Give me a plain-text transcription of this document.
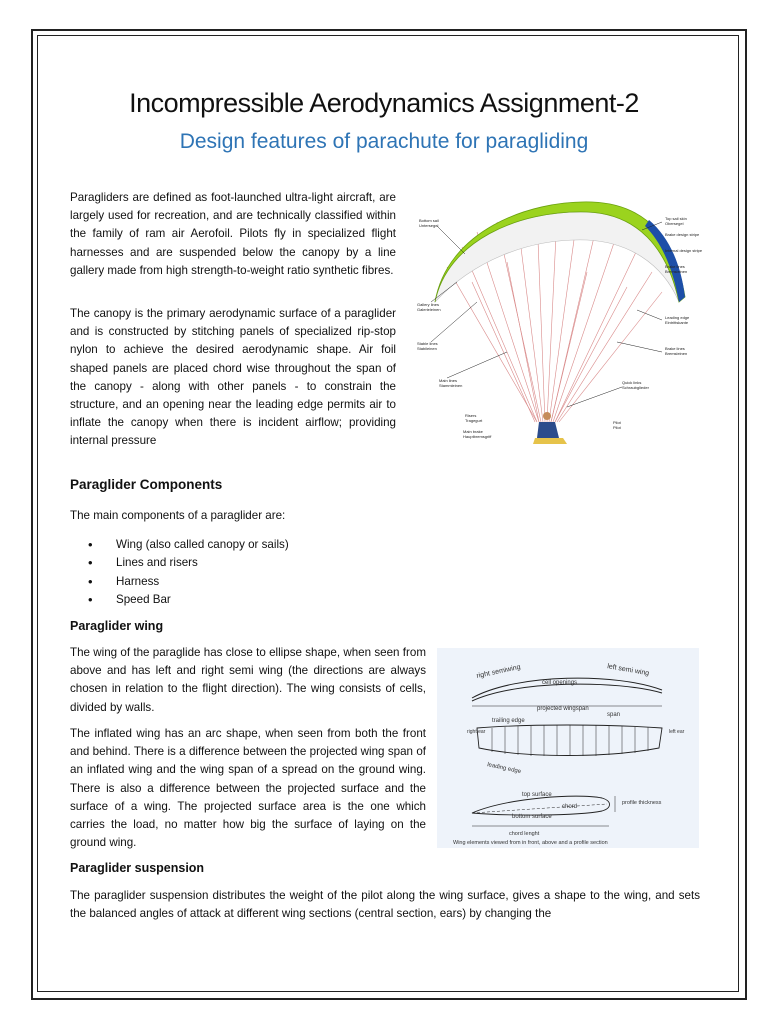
Incompressible Aerodynamics Assignment-2
Design features of parachute for paragliding
Paragliders are defined as foot-launched ultra-light aircraft, are largely used for recreation, and are technically classified within the family of ram air Aerofoil. Pilots fly in specialized flight harnesses and are suspended below the canopy by a line gallery made from high strength-to-weight ratio synthetic fibres.
The canopy is the primary aerodynamic surface of a paraglider and is constructed by stitching panels of specialized rip-stop nylon to achieve the desired aerodynamic shape. Air foil shaped panels are placed chord wise throughout the span of the canopy - along with other panels - to constrain the structure, and an opening near the leading edge permits air to inflate the canopy when there is incident airflow; providing internal pressure
Bottom sail
Untersegel
Gallery lines
Galerieleinen
Stable lines
Stabileinen
Main lines
Stammleinen
Risers
Tragegurt
Main brake
Hauptbremsgriff
Top sail skin
Obersegel
Brake design stripe
Internal design stripe
Brake lines
Bremsleinen
Leading edge
Eintrittskante
Brake lines
Bremsleinen
Quick links
Schraubglieder
Pilot
Pilot
Paraglider Components
The main components of a paraglider are:
•	Wing (also called canopy or sails)
•	Lines and risers
•	Harness
•	Speed Bar
Paraglider wing
The wing of the paraglide has close to ellipse shape, when seen from above and has left and right semi wing (the directions are always chosen in relation to the flight direction). The wing consists of cells, divided by walls.
The inflated wing has an arc shape, when seen from both the front and behind. There is a difference between the projected wing span of an inflated wing and the wing span of a spread on the ground wing. There is also a difference between the projected surface and the surface of a wing. The projected surface area is the one which carries the load, no matter how big the surface of laying on the ground wing.
right semiwing	left semi wing
cell openings
projected wingspan
span
trailing edge
leading edge
right ear	left ear
top surface
chord
bottom surface
chord lenght
profile thickness
Wing elements viewed from in front, above and a profile section
Paraglider suspension
The paraglider suspension distributes the weight of the pilot along the wing surface, gives a shape to the wing, and sets the balanced angles of attack at different wing sections (central section, ears) by changing the
